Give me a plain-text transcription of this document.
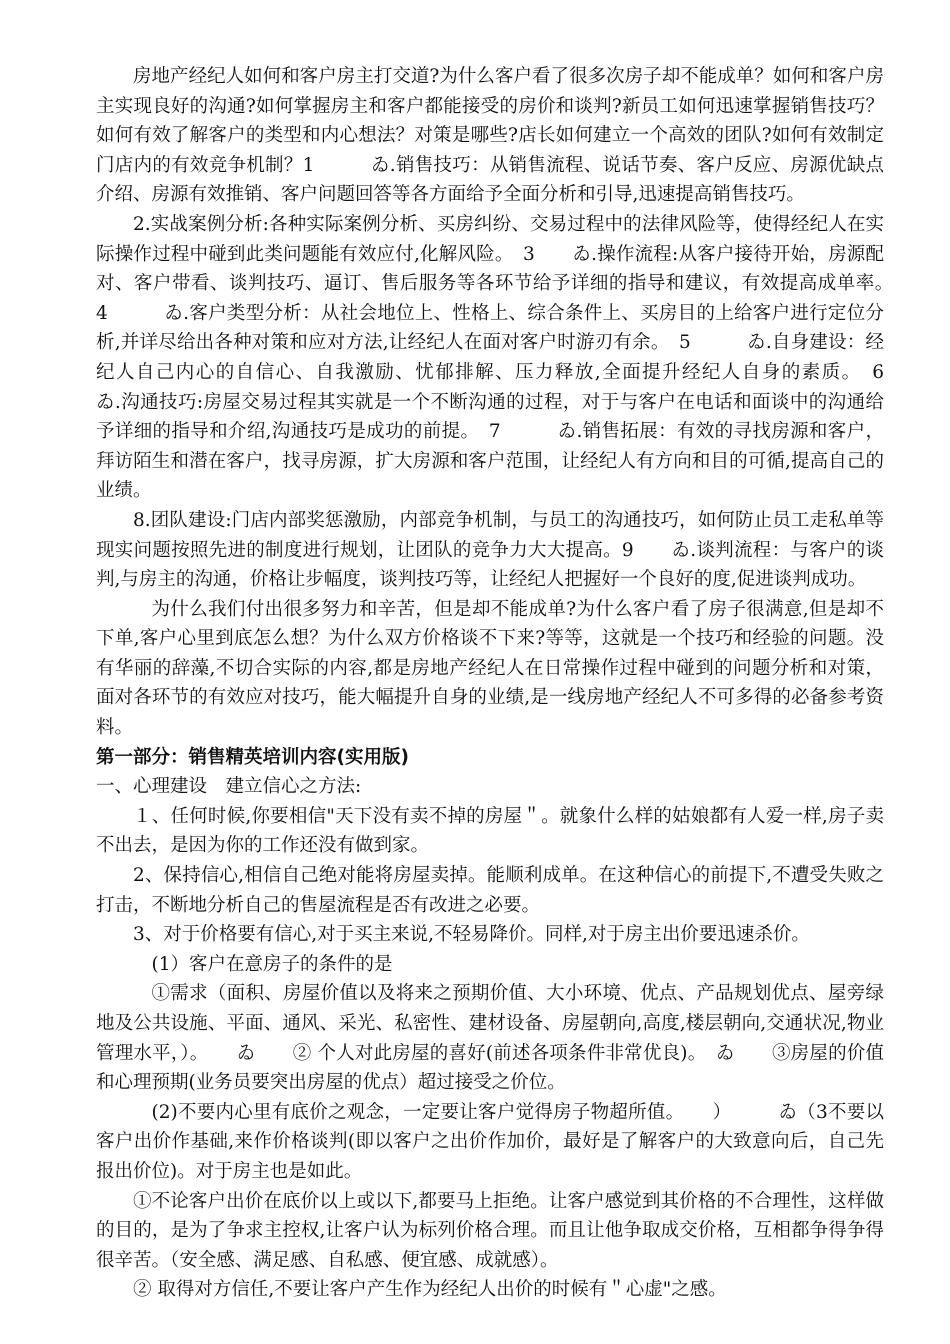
房地产经纪人如何和客户房主打交道?为什么客户看了很多次房子却不能成单？如何和客户房主实现良好的沟通?如何掌握房主和客户都能接受的房价和谈判?新员工如何迅速掌握销售技巧？如何有效了解客户的类型和内心想法？对策是哪些?店长如何建立一个高效的团队?如何有效制定门店内的有效竞争机制？1　　　ゐ.销售技巧：从销售流程、说话节奏、客户反应、房源优缺点介绍、房源有效推销、客户问题回答等各方面给予全面分析和引导,迅速提高销售技巧。

2.实战案例分析:各种实际案例分析、买房纠纷、交易过程中的法律风险等，使得经纪人在实际操作过程中碰到此类问题能有效应付,化解风险。　3　　ゐ.操作流程:从客户接待开始，房源配对、客户带看、谈判技巧、逼订、售后服务等各环节给予详细的指导和建议，有效提高成单率。　　4　　　ゐ.客户类型分析：从社会地位上、性格上、综合条件上、买房目的上给客户进行定位分析,并详尽给出各种对策和应对方法,让经纪人在面对客户时游刃有余。　5　　　ゐ.自身建设：经纪人自己内心的自信心、自我激励、忧郁排解、压力释放,全面提升经纪人自身的素质。　6　　　ゐ.沟通技巧:房屋交易过程其实就是一个不断沟通的过程，对于与客户在电话和面谈中的沟通给予详细的指导和介绍,沟通技巧是成功的前提。　7　　　ゐ.销售拓展：有效的寻找房源和客户，拜访陌生和潜在客户，找寻房源，扩大房源和客户范围，让经纪人有方向和目的可循,提高自己的业绩。

8.团队建设:门店内部奖惩激励，内部竞争机制，与员工的沟通技巧，如何防止员工走私单等现实问题按照先进的制度进行规划，让团队的竞争力大大提高。9　　ゐ.谈判流程：与客户的谈判,与房主的沟通，价格让步幅度，谈判技巧等，让经纪人把握好一个良好的度,促进谈判成功。

为什么我们付出很多努力和辛苦，但是却不能成单?为什么客户看了房子很满意,但是却不下单,客户心里到底怎么想？为什么双方价格谈不下来?等等，这就是一个技巧和经验的问题。没有华丽的辞藻,不切合实际的内容,都是房地产经纪人在日常操作过程中碰到的问题分析和对策，面对各环节的有效应对技巧，能大幅提升自身的业绩,是一线房地产经纪人不可多得的必备参考资料。

第一部分：销售精英培训内容(实用版)

一、心理建设　建立信心之方法:

１、任何时候,你要相信"天下没有卖不掉的房屋＂。就象什么样的姑娘都有人爱一样,房子卖不出去，是因为你的工作还没有做到家。

2、保持信心,相信自己绝对能将房屋卖掉。能顺利成单。在这种信心的前提下,不遭受失败之打击，不断地分析自己的售屋流程是否有改进之必要。

3、对于价格要有信心,对于买主来说,不轻易降价。同样,对于房主出价要迅速杀价。

(1）客户在意房子的条件的是

①需求（面积、房屋价值以及将来之预期价值、大小环境、优点、产品规划优点、屋旁绿地及公共设施、平面、通风、采光、私密性、建材设备、房屋朝向,高度,楼层朝向,交通状况,物业管理水平，）。　　ゐ　　② 个人对此房屋的喜好(前述各项条件非常优良)。　ゐ　　③房屋的价值和心理预期(业务员要突出房屋的优点）超过接受之价位。

(2)不要内心里有底价之观念，一定要让客户觉得房子物超所值。　　）　　　ゐ（3不要以客户出价作基础,来作价格谈判(即以客户之出价作加价，最好是了解客户的大致意向后，自己先报出价位)。对于房主也是如此。

①不论客户出价在底价以上或以下,都要马上拒绝。让客户感觉到其价格的不合理性，这样做的目的，是为了争求主控权,让客户认为标列价格合理。而且让他争取成交价格，互相都争得争得很辛苦。（安全感、满足感、自私感、便宜感、成就感）。

② 取得对方信任,不要让客户产生作为经纪人出价的时候有＂心虚"之感。
